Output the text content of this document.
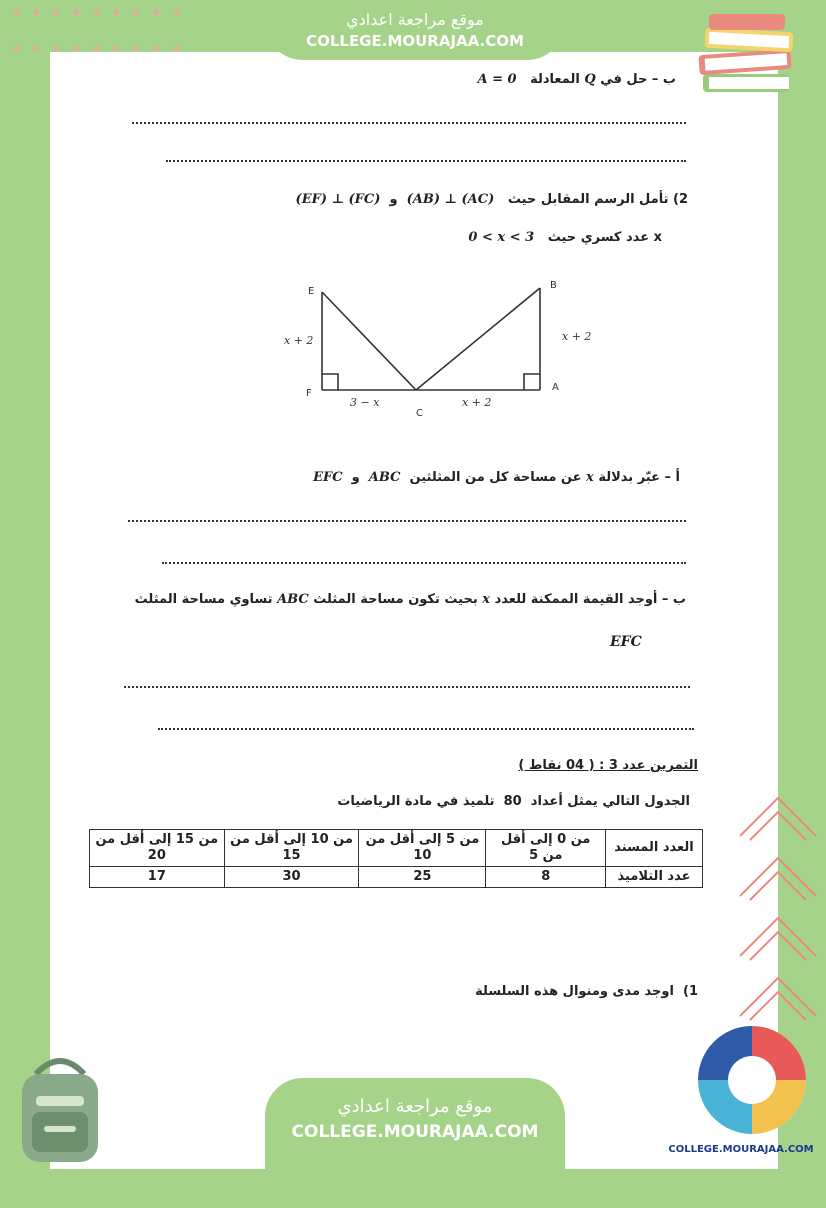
موقع مراجعة اعدادي
COLLEGE.MOURAJAA.COM
ب – حل في Q المعادلة   A = 0
2) تأمل الرسم المقابل حيث   (AB) ⊥ (AC)  و  (EF) ⊥ (FC)
x عدد كسري حيث   0 < x < 3
E
B
F
A
C
x + 2	x + 2
3 − x	x + 2
أ – عبّر بدلالة x عن مساحة كل من المثلثين  ABC  و  EFC
ب – أوجد القيمة الممكنة للعدد x بحيث تكون مساحة المثلث ABC تساوي مساحة المثلث
EFC
التمرين عدد 3 : ( 04 نقاط )
الجدول التالي يمثل أعداد  80  تلميذ في مادة الرياضيات
العدد المسند	من 0 إلى أقل من 5	من 5 إلى أقل من 10	من 10 إلى أقل من 15	من 15 إلى أقل من 20
عدد التلاميذ	8	25	30	17
1)  اوجد مدى ومنوال هذه السلسلة
موقع مراجعة اعدادي
COLLEGE.MOURAJAA.COM
COLLEGE.MOURAJAA.COM
